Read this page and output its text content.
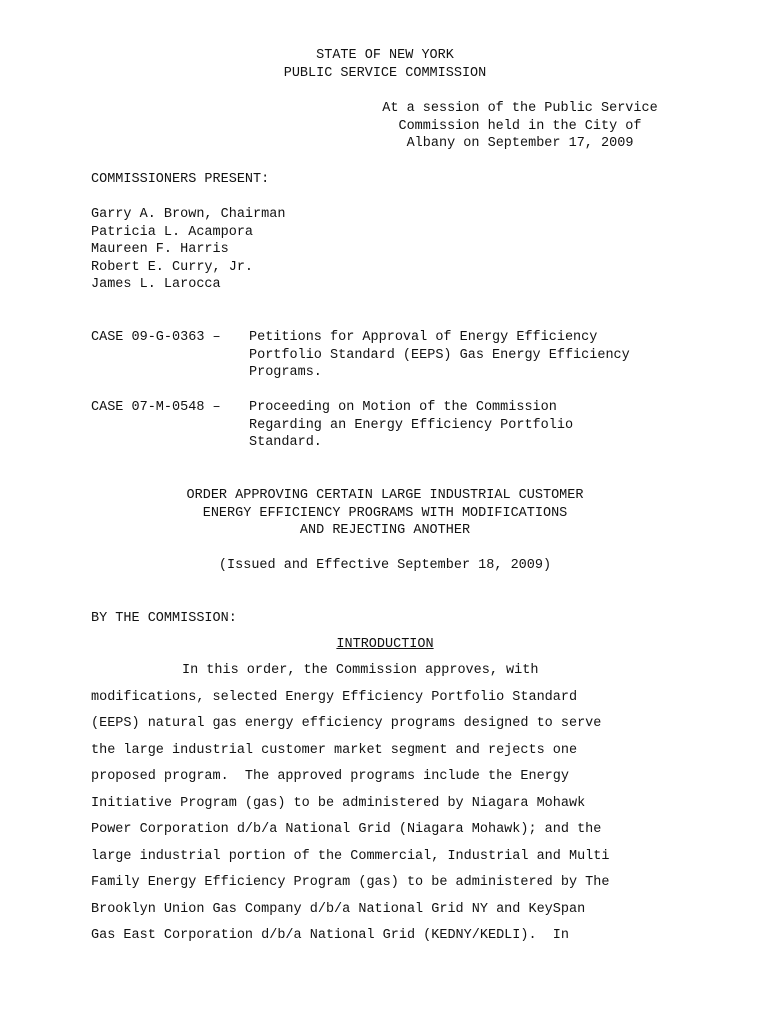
STATE OF NEW YORK
PUBLIC SERVICE COMMISSION
At a session of the Public Service
Commission held in the City of
Albany on September 17, 2009
COMMISSIONERS PRESENT:
Garry A. Brown, Chairman
Patricia L. Acampora
Maureen F. Harris
Robert E. Curry, Jr.
James L. Larocca
CASE 09-G-0363 – Petitions for Approval of Energy Efficiency
Portfolio Standard (EEPS) Gas Energy Efficiency
Programs.
CASE 07-M-0548 – Proceeding on Motion of the Commission
Regarding an Energy Efficiency Portfolio
Standard.
ORDER APPROVING CERTAIN LARGE INDUSTRIAL CUSTOMER
ENERGY EFFICIENCY PROGRAMS WITH MODIFICATIONS
AND REJECTING ANOTHER
(Issued and Effective September 18, 2009)
BY THE COMMISSION:
INTRODUCTION
In this order, the Commission approves, with
modifications, selected Energy Efficiency Portfolio Standard
(EEPS) natural gas energy efficiency programs designed to serve
the large industrial customer market segment and rejects one
proposed program.  The approved programs include the Energy
Initiative Program (gas) to be administered by Niagara Mohawk
Power Corporation d/b/a National Grid (Niagara Mohawk); and the
large industrial portion of the Commercial, Industrial and Multi
Family Energy Efficiency Program (gas) to be administered by The
Brooklyn Union Gas Company d/b/a National Grid NY and KeySpan
Gas East Corporation d/b/a National Grid (KEDNY/KEDLI).  In
